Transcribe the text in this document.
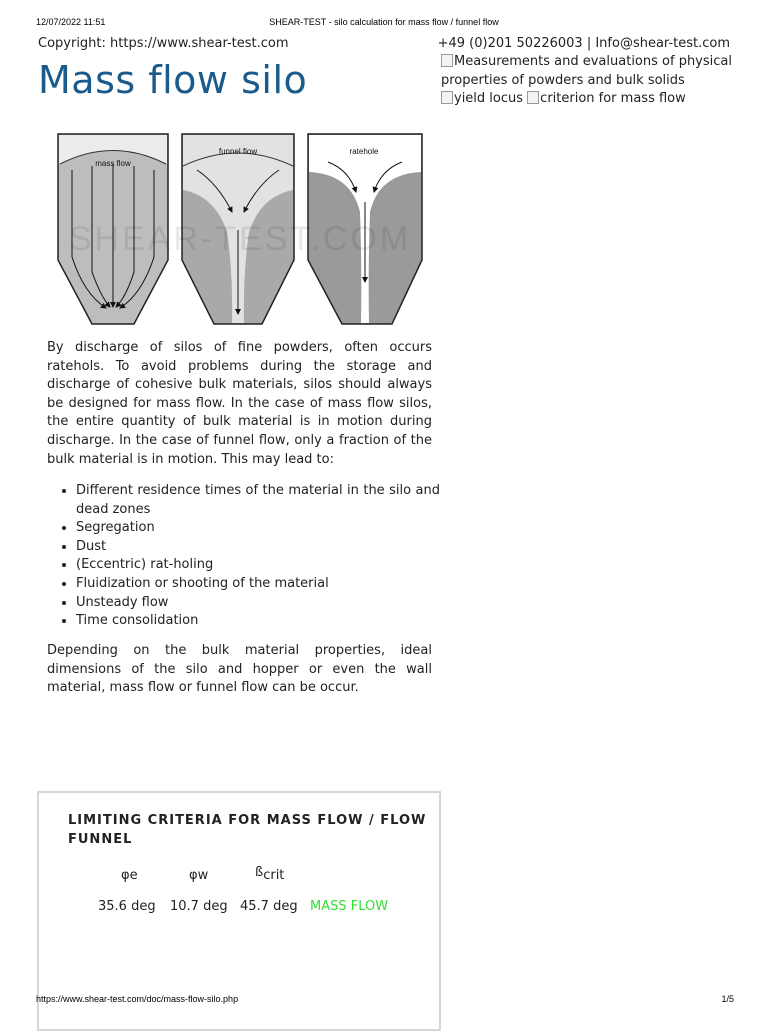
12/07/2022 11:51	SHEAR-TEST - silo calculation for mass flow / funnel flow
Copyright: https://www.shear-test.com	+49 (0)201 50226003 | Info@shear-test.com
Mass flow silo	Measurements and evaluations of physical properties of powders and bulk solids
yield locus criterion for mass flow
mass flow
funnel flow	ratehole
SHEAR-TEST.COM

By discharge of silos of fine powders, often occurs ratehols. To avoid problems during the storage and discharge of cohesive bulk materials, silos should always be designed for mass flow. In the case of mass flow silos, the entire quantity of bulk material is in motion during discharge. In the case of funnel flow, only a fraction of the bulk material is in motion. This may lead to:

• Different residence times of the material in the silo and dead zones
• Segregation
• Dust
• (Eccentric) rat-holing
• Fluidization or shooting of the material
• Unsteady flow
• Time consolidation

Depending on the bulk material properties, ideal dimensions of the silo and hopper or even the wall material, mass flow or funnel flow can be occur.

LIMITING CRITERIA FOR MASS FLOW / FLOW FUNNEL
φe	φw	ßcrit
35.6 deg 10.7 deg 45.7 deg MASS FLOW
https://www.shear-test.com/doc/mass-flow-silo.php	1/5
